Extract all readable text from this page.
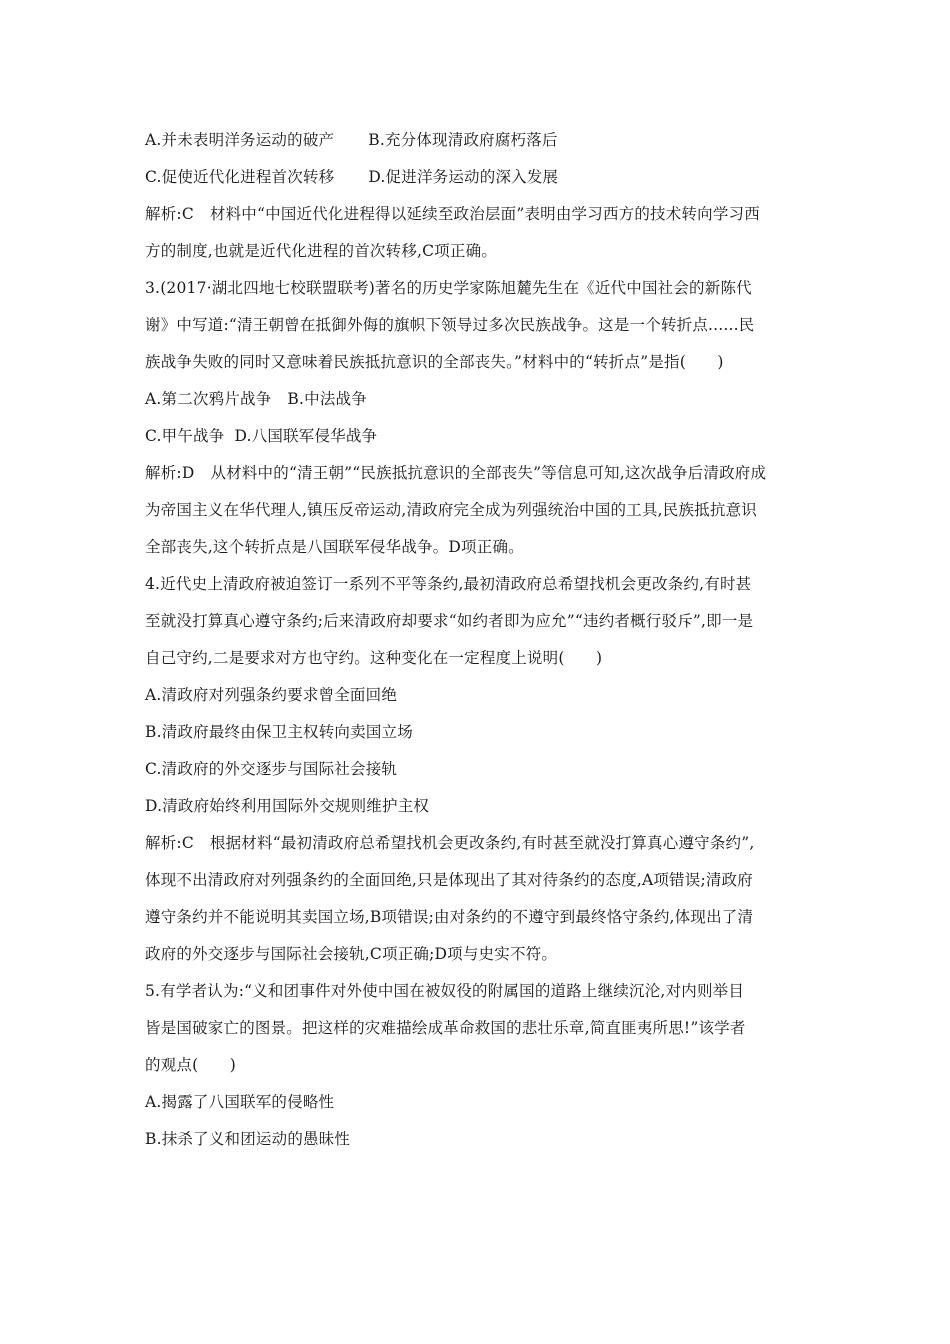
A.并未表明洋务运动的破产 B.充分体现清政府腐朽落后
C.促使近代化进程首次转移 D.促进洋务运动的深入发展
解析:C 材料中“中国近代化进程得以延续至政治层面”表明由学习西方的技术转向学习西
方的制度,也就是近代化进程的首次转移,C项正确。
3.(2017·湖北四地七校联盟联考)著名的历史学家陈旭麓先生在《近代中国社会的新陈代
谢》中写道:“清王朝曾在抵御外侮的旗帜下领导过多次民族战争。这是一个转折点......民
族战争失败的同时又意味着民族抵抗意识的全部丧失。”材料中的“转折点”是指(　　)
A.第二次鸦片战争 B.中法战争
C.甲午战争 D.八国联军侵华战争
解析:D 从材料中的“清王朝”“民族抵抗意识的全部丧失”等信息可知,这次战争后清政府成
为帝国主义在华代理人,镇压反帝运动,清政府完全成为列强统治中国的工具,民族抵抗意识
全部丧失,这个转折点是八国联军侵华战争。D项正确。
4.近代史上清政府被迫签订一系列不平等条约,最初清政府总希望找机会更改条约,有时甚
至就没打算真心遵守条约;后来清政府却要求“如约者即为应允”“违约者概行驳斥”,即一是
自己守约,二是要求对方也守约。这种变化在一定程度上说明(　　)
A.清政府对列强条约要求曾全面回绝
B.清政府最终由保卫主权转向卖国立场
C.清政府的外交逐步与国际社会接轨
D.清政府始终利用国际外交规则维护主权
解析:C 根据材料“最初清政府总希望找机会更改条约,有时甚至就没打算真心遵守条约”,
体现不出清政府对列强条约的全面回绝,只是体现出了其对待条约的态度,A项错误;清政府
遵守条约并不能说明其卖国立场,B项错误;由对条约的不遵守到最终恪守条约,体现出了清
政府的外交逐步与国际社会接轨,C项正确;D项与史实不符。
5.有学者认为:“义和团事件对外使中国在被奴役的附属国的道路上继续沉沦,对内则举目
皆是国破家亡的图景。把这样的灾难描绘成革命救国的悲壮乐章,简直匪夷所思!”该学者
的观点(　　)
A.揭露了八国联军的侵略性
B.抹杀了义和团运动的愚昧性
